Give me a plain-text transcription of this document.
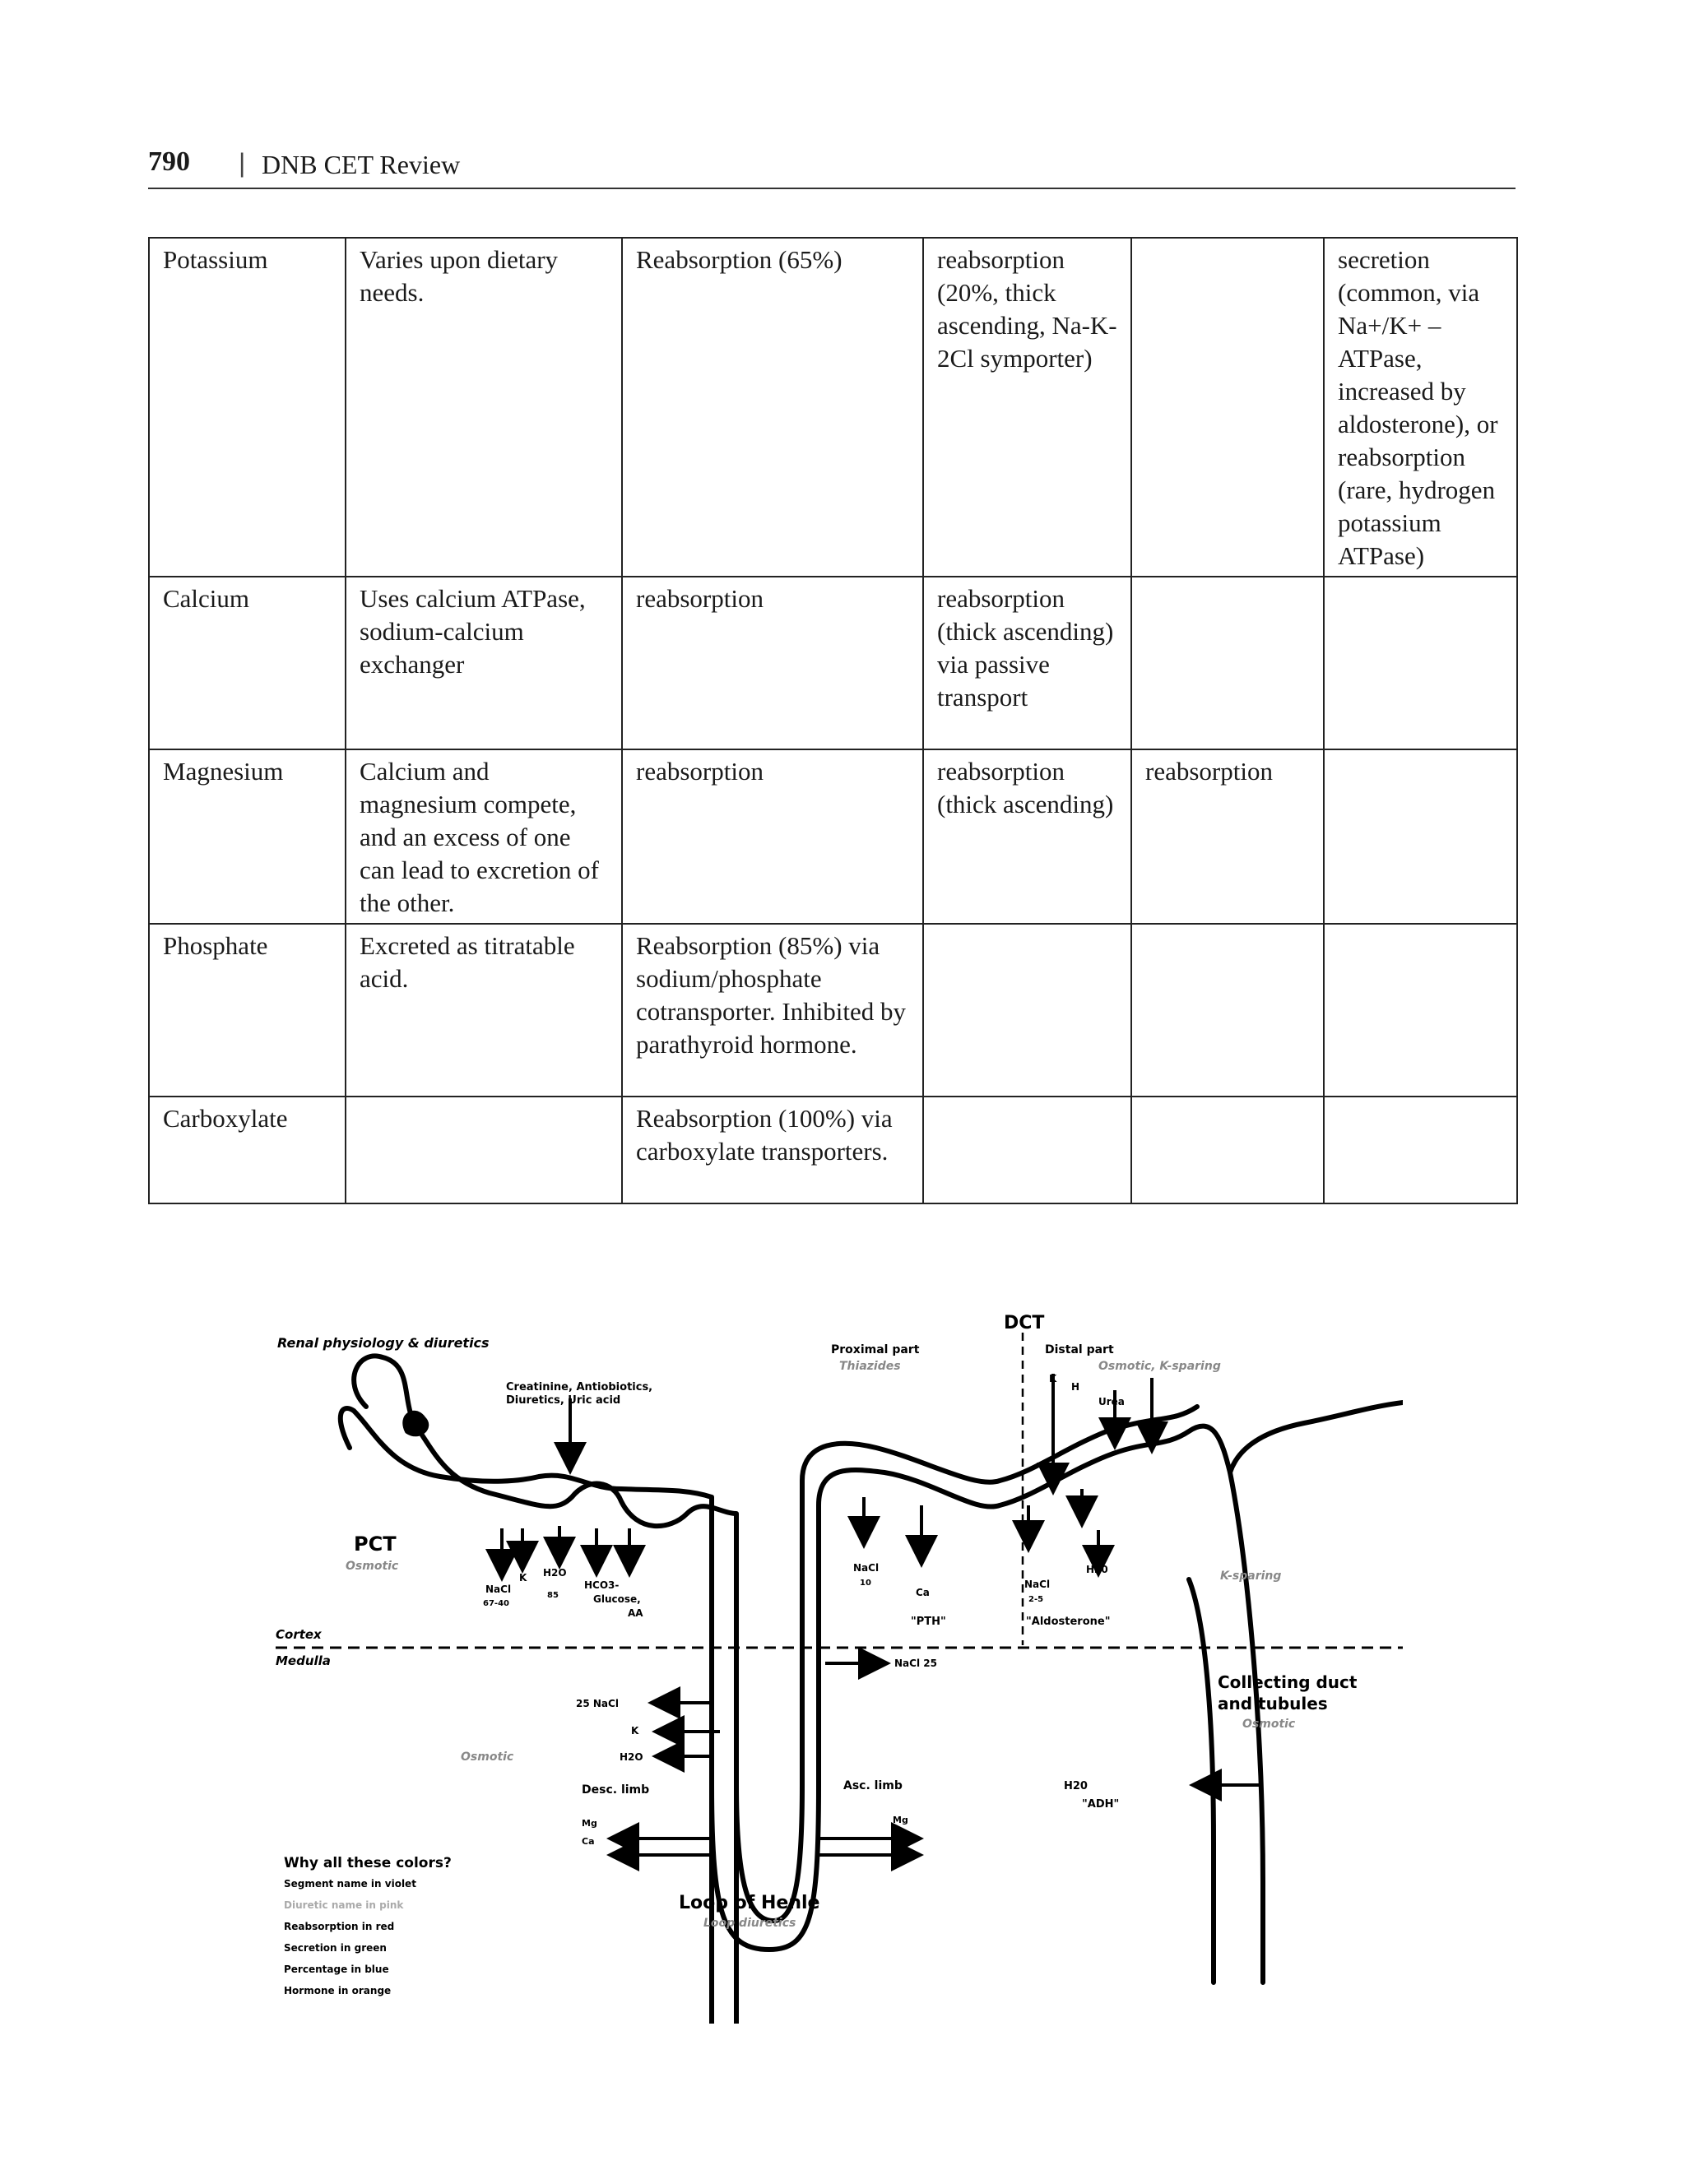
790 | DNB CET Review
Potassium	Varies upon dietary needs.	Reabsorption (65%)	reabsorption (20%, thick ascending, Na-K-2Cl symporter)		secretion (common, via Na+/K+ – ATPase, increased by aldosterone), or reabsorption (rare, hydrogen potassium ATPase)
Calcium	Uses calcium ATPase, sodium-calcium exchanger	reabsorption	reabsorption (thick ascending) via passive transport		
Magnesium	Calcium and magnesium compete, and an excess of one can lead to excretion of the other.	reabsorption	reabsorption (thick ascending)	reabsorption	
Phosphate	Excreted as titratable acid.	Reabsorption (85%) via sodium/phosphate cotransporter. Inhibited by parathyroid hormone.			
Carboxylate		Reabsorption (100%) via carboxylate transporters.			
Renal physiology & diuretics
Creatinine, Antiobiotics,
Diuretics, Uric acid
PCT
Osmotic
NaCl
67-40
K H2O
85
HCO3-
Glucose,
AA
Cortex
Medulla
25 NaCl
K
H2O
Osmotic
Desc. limb
Mg
Ca
Asc. limb
Mg
Ca
NaCl 25
Loop of Henle
Loop diuretics
DCT
Proximal part
Thiazides
Distal part
Osmotic, K-sparing
K
H
Urea
NaCl
10
Ca
"PTH"
NaCl
2-5
H20
"Aldosterone"
K-sparing
Collecting duct
and tubules
Osmotic
H20
"ADH"
Why all these colors?
Segment name in violet
Diuretic name in pink
Reabsorption in red
Secretion in green
Percentage in blue
Hormone in orange
